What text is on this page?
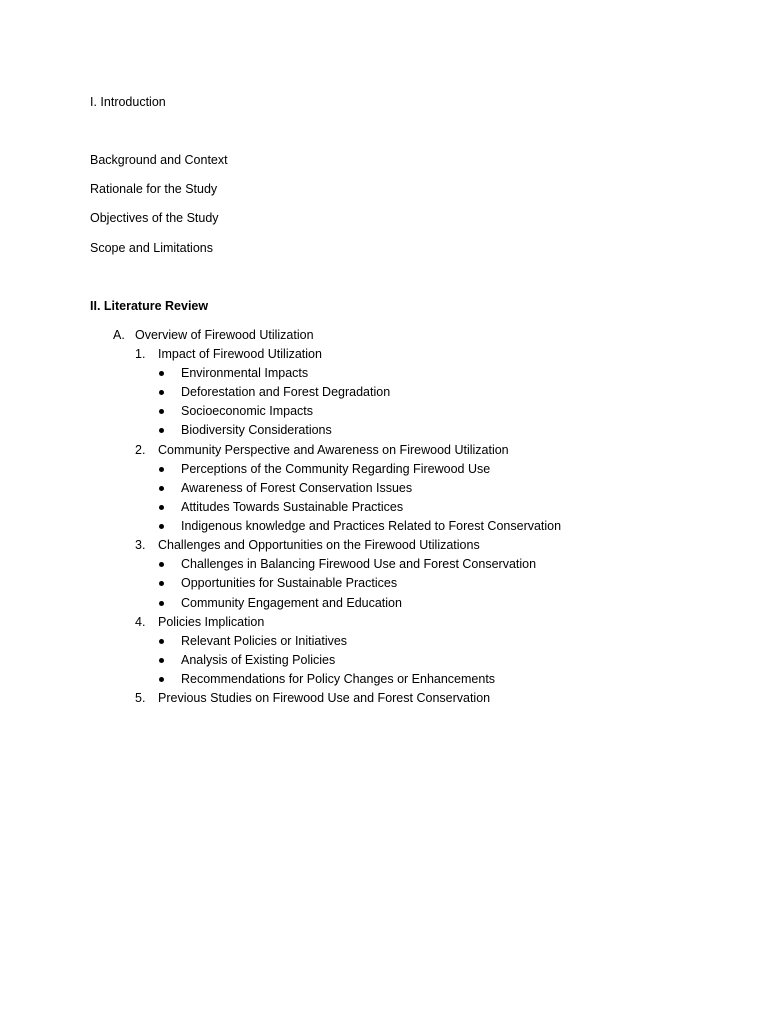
I. Introduction
Background and Context
Rationale for the Study
Objectives of the Study
Scope and Limitations
II. Literature Review
A. Overview of Firewood Utilization
1. Impact of Firewood Utilization
Environmental Impacts
Deforestation and Forest Degradation
Socioeconomic Impacts
Biodiversity Considerations
2. Community Perspective and Awareness on Firewood Utilization
Perceptions of the Community Regarding Firewood Use
Awareness of Forest Conservation Issues
Attitudes Towards Sustainable Practices
Indigenous knowledge and Practices Related to Forest Conservation
3. Challenges and Opportunities on the Firewood Utilizations
Challenges in Balancing Firewood Use and Forest Conservation
Opportunities for Sustainable Practices
Community Engagement and Education
4. Policies Implication
Relevant Policies or Initiatives
Analysis of Existing Policies
Recommendations for Policy Changes or Enhancements
5. Previous Studies on Firewood Use and Forest Conservation
